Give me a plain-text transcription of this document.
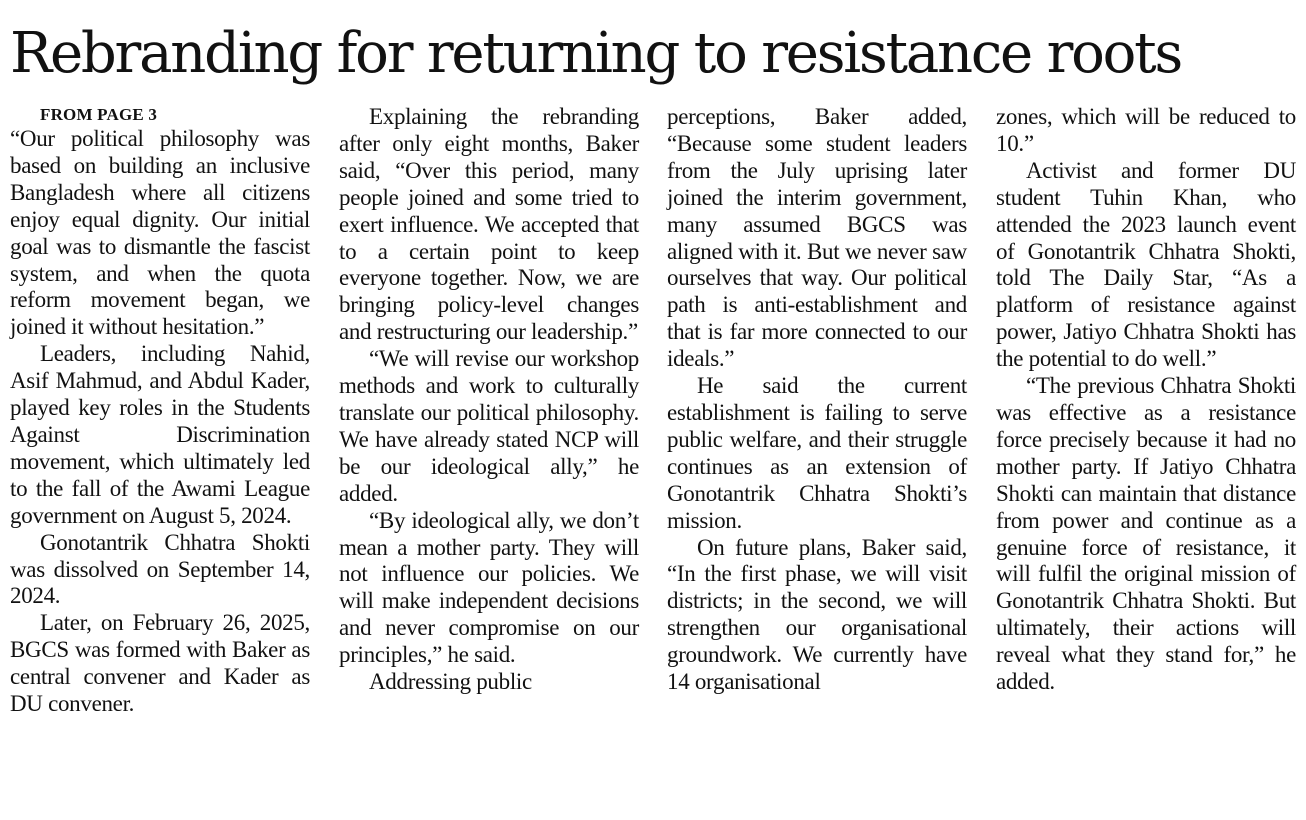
Rebranding for returning to resistance roots

FROM PAGE 3

“Our political philosophy was based on building an inclusive Bangladesh where all citizens enjoy equal dignity. Our initial goal was to dismantle the fascist system, and when the quota reform movement began, we joined it without hesitation.”

Leaders, including Nahid, Asif Mahmud, and Abdul Kader, played key roles in the Students Against Discrimination movement, which ultimately led to the fall of the Awami League government on August 5, 2024.

Gonotantrik Chhatra Shokti was dissolved on September 14, 2024.

Later, on February 26, 2025, BGCS was formed with Baker as central convener and Kader as DU convener.

Explaining the rebranding after only eight months, Baker said, “Over this period, many people joined and some tried to exert influence. We accepted that to a certain point to keep everyone together. Now, we are bringing policy-level changes and restructuring our leadership.”

“We will revise our workshop methods and work to culturally translate our political philosophy. We have already stated NCP will be our ideological ally,” he added.

“By ideological ally, we don’t mean a mother party. They will not influence our policies. We will make independent decisions and never compromise on our principles,” he said.

Addressing public

perceptions, Baker added, “Because some student leaders from the July uprising later joined the interim government, many assumed BGCS was aligned with it. But we never saw ourselves that way. Our political path is anti-establishment and that is far more connected to our ideals.”

He said the current establishment is failing to serve public welfare, and their struggle continues as an extension of Gonotantrik Chhatra Shokti’s mission.

On future plans, Baker said, “In the first phase, we will visit districts; in the second, we will strengthen our organisational groundwork. We currently have 14 organisational

zones, which will be reduced to 10.”

Activist and former DU student Tuhin Khan, who attended the 2023 launch event of Gonotantrik Chhatra Shokti, told The Daily Star, “As a platform of resistance against power, Jatiyo Chhatra Shokti has the potential to do well.”

“The previous Chhatra Shokti was effective as a resistance force precisely because it had no mother party. If Jatiyo Chhatra Shokti can maintain that distance from power and continue as a genuine force of resistance, it will fulfil the original mission of Gonotantrik Chhatra Shokti. But ultimately, their actions will reveal what they stand for,” he added.
